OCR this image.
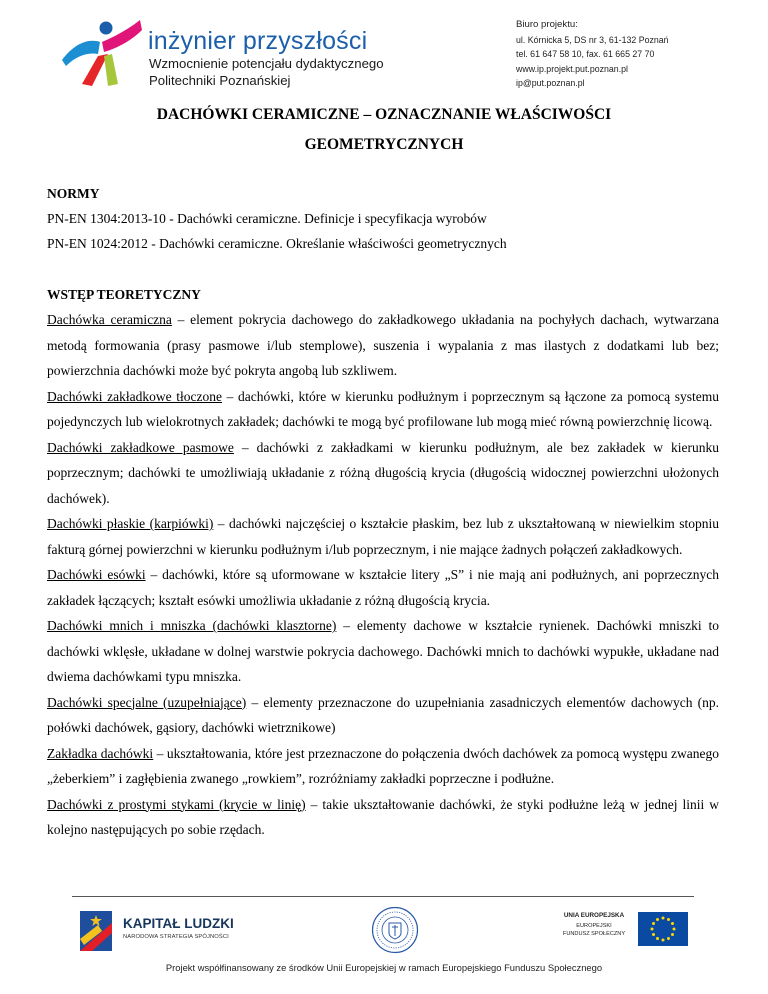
inżynier przyszłości
Wzmocnienie potencjału dydaktycznego
Politechniki Poznańskiej
Biuro projektu:
ul. Kórnicka 5, DS nr 3, 61-132 Poznań
tel. 61 647 58 10, fax. 61 665 27 70
www.ip.projekt.put.poznan.pl
ip@put.poznan.pl
DACHÓWKI CERAMICZNE – OZNACZNANIE WŁAŚCIWOŚCI
GEOMETRYCZNYCH
NORMY
PN-EN 1304:2013-10 - Dachówki ceramiczne. Definicje i specyfikacja wyrobów
PN-EN 1024:2012 - Dachówki ceramiczne. Określanie właściwości geometrycznych
WSTĘP TEORETYCZNY

Dachówka ceramiczna – element pokrycia dachowego do zakładkowego układania na pochyłych dachach, wytwarzana metodą formowania (prasy pasmowe i/lub stemplowe), suszenia i wypalania z mas ilastych z dodatkami lub bez; powierzchnia dachówki może być pokryta angobą lub szkliwem.

Dachówki zakładkowe tłoczone – dachówki, które w kierunku podłużnym i poprzecznym są łączone za pomocą systemu pojedynczych lub wielokrotnych zakładek; dachówki te mogą być profilowane lub mogą mieć równą powierzchnię licową.

Dachówki zakładkowe pasmowe – dachówki z zakładkami w kierunku podłużnym, ale bez zakładek w kierunku poprzecznym; dachówki te umożliwiają układanie z różną długością krycia (długością widocznej powierzchni ułożonych dachówek).

Dachówki płaskie (karpiówki) – dachówki najczęściej o kształcie płaskim, bez lub z ukształtowaną w niewielkim stopniu fakturą górnej powierzchni w kierunku podłużnym i/lub poprzecznym, i nie mające żadnych połączeń zakładkowych.

Dachówki esówki – dachówki, które są uformowane w kształcie litery „S” i nie mają ani podłużnych, ani poprzecznych zakładek łączących; kształt esówki umożliwia układanie z różną długością krycia.

Dachówki mnich i mniszka (dachówki klasztorne) – elementy dachowe w kształcie rynienek. Dachówki mniszki to dachówki wklęsłe, układane w dolnej warstwie pokrycia dachowego. Dachówki mnich to dachówki wypukłe, układane nad dwiema dachówkami typu mniszka.

Dachówki specjalne (uzupełniające) – elementy przeznaczone do uzupełniania zasadniczych elementów dachowych (np. połówki dachówek, gąsiory, dachówki wietrznikowe)

Zakładka dachówki – ukształtowania, które jest przeznaczone do połączenia dwóch dachówek za pomocą występu zwanego „żeberkiem” i zagłębienia zwanego „rowkiem”, rozróżniamy zakładki poprzeczne i podłużne.

Dachówki z prostymi stykami (krycie w linię) – takie ukształtowanie dachówki, że styki podłużne leżą w jednej linii w kolejno następujących po sobie rzędach.

KAPITAŁ LUDZKI
NARODOWA STRATEGIA SPÓJNOŚCI
UNIA EUROPEJSKA
EUROPEJSKI
FUNDUSZ SPOŁECZNY
Projekt współfinansowany ze środków Unii Europejskiej w ramach Europejskiego Funduszu Społecznego
